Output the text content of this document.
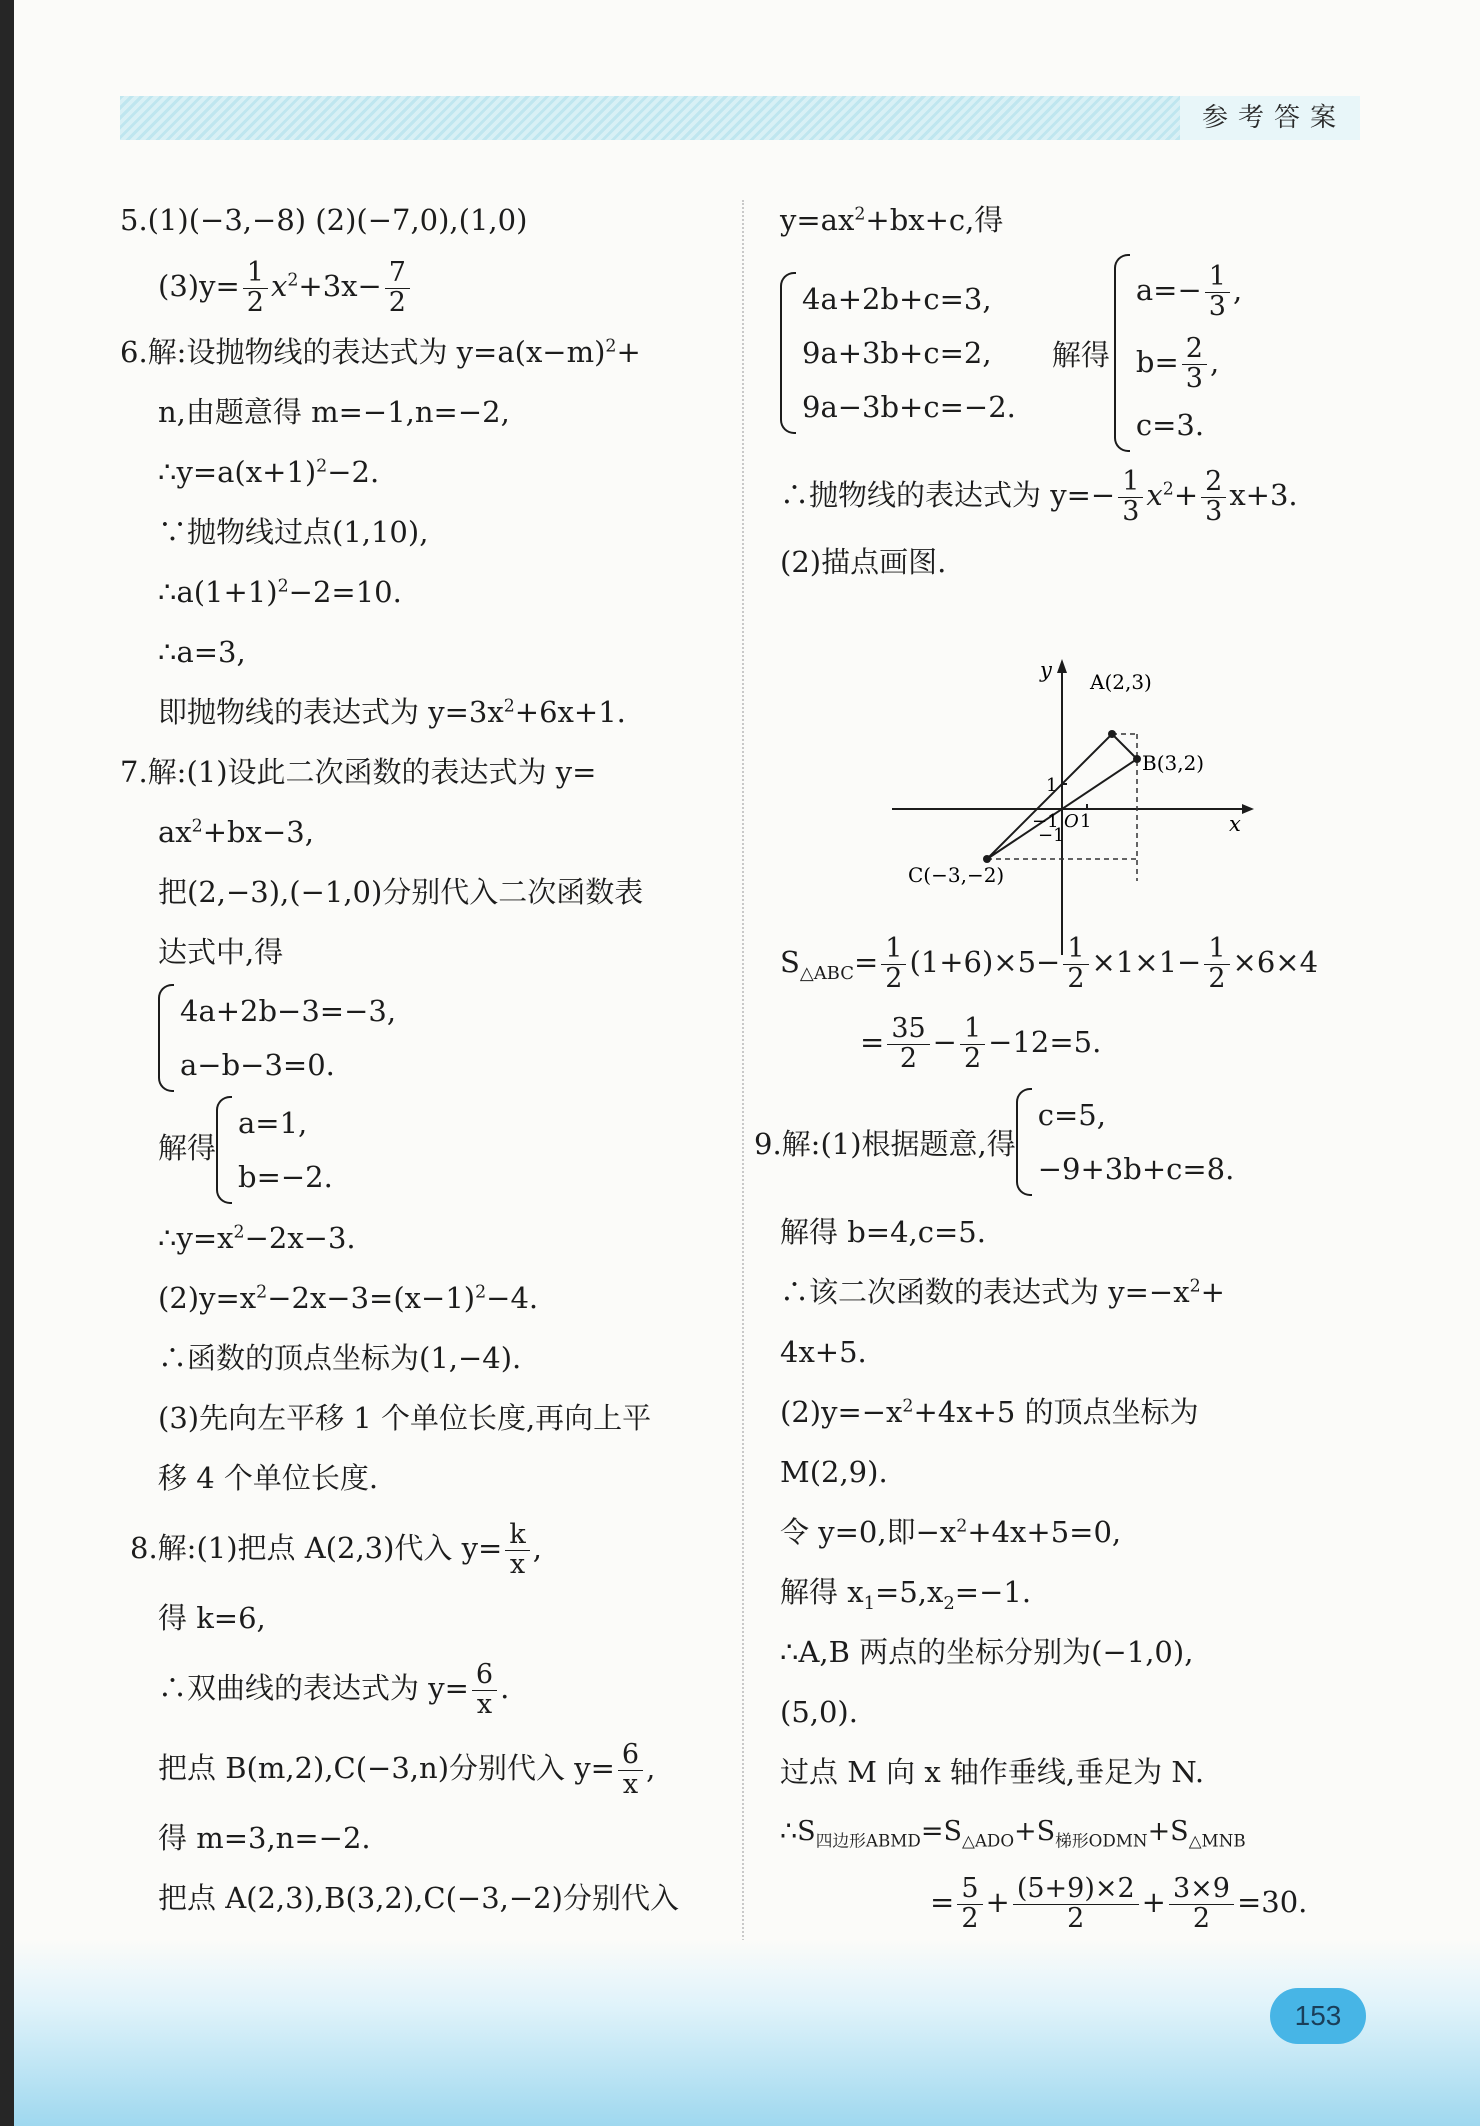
参考答案
5.(1)(−3,−8) (2)(−7,0),(1,0)
$(3)y= \frac{1}{2} x^2+3x- \frac{7}{2}$
6.解:设抛物线的表达式为 $y=a(x-m)^2+$
n,由题意得 m=−1,n=−2,
$\therefore y=a(x+1)^2-2$.
∵抛物线过点(1,10),
$\therefore a(1+1)^2-2=10$.
∴a=3,
即抛物线的表达式为 $y=3x^2+6x+1$.
7.解:(1)设此二次函数的表达式为 y=
$ax^2+bx-3$,
把(2,−3),(−1,0)分别代入二次函数表
达式中,得
4a+2b−3=−3,
a−b−3=0.
解得
a=1,
b=−2.
$\therefore y=x^2-2x-3$.
$(2)y=x^2-2x-3=(x-1)^2-4$.
∴函数的顶点坐标为(1,−4).
(3)先向左平移 1 个单位长度,再向上平
移 4 个单位长度.
8.解:(1)把点 A(2,3)代入 $y= \frac{k}{x}$ ,
得 k=6,
∴双曲线的表达式为 $y= \frac{6}{x}$ .
把点 B(m,2),C(−3,n)分别代入 $y= \frac{6}{x}$ ,
得 m=3,n=−2.
把点 A(2,3),B(3,2),C(−3,−2)分别代入
$y=ax^2+bx+c$,得
4a+2b+c=3,
9a+3b+c=2,
9a−3b+c=−2.
解得
$a=- \frac{1}{3}$ ,
$b= \frac{2}{3}$ ,
c=3.
∴抛物线的表达式为 $y=- \frac{1}{3} x^2+ \frac{2}{3} x+3$.
(2)描点画图.
$S_{\triangle ABC}= \frac{1}{2} (1+6)\times 5- \frac{1}{2} \times 1\times 1- \frac{1}{2} \times 6\times 4$
= $\frac{35}{2} - \frac{1}{2} -12=5$.
9.解:(1)根据题意,得
c=5,
−9+3b+c=8.
解得 b=4,c=5.
∴该二次函数的表达式为 $y=-x^2+$
4x+5.
$(2)y=-x^2+4x+5$ 的顶点坐标为
M(2,9).
令 y=0,即$-x^2+4x+5=0$,
解得 $x_1=5,x_2=-1$.
∴A,B 两点的坐标分别为(−1,0),
(5,0).
过点 M 向 x 轴作垂线,垂足为 N.
$\therefore S_{四边形ABMD}=S_{\triangle ADO}+S_{梯形ODMN}+S_{\triangle MNB}$
= $\frac{5}{2} + \frac{(5+9)\times 2}{2} + \frac{3\times 9}{2} =30$.
x
y
O 1
1
−1
−1
A(2,3)
B(3,2)
C(−3,−2)
153
